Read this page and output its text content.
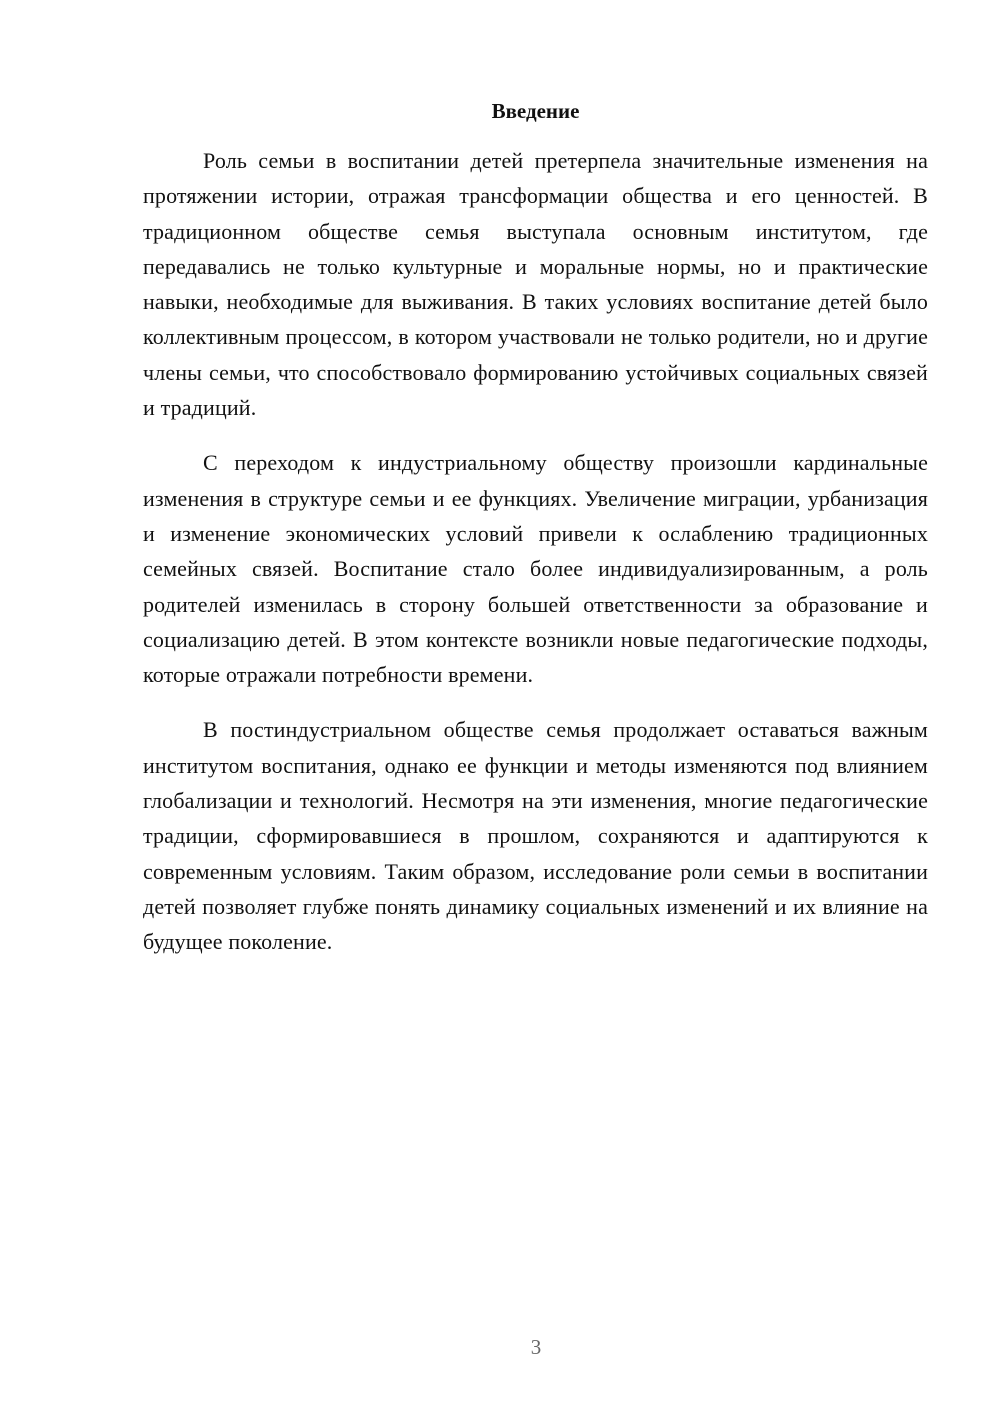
Введение

Роль семьи в воспитании детей претерпела значительные изменения на протяжении истории, отражая трансформации общества и его ценностей. В традиционном обществе семья выступала основным институтом, где передавались не только культурные и моральные нормы, но и практические навыки, необходимые для выживания. В таких условиях воспитание детей было коллективным процессом, в котором участвовали не только родители, но и другие члены семьи, что способствовало формированию устойчивых социальных связей и традиций.

С переходом к индустриальному обществу произошли кардинальные изменения в структуре семьи и ее функциях. Увеличение миграции, урбанизация и изменение экономических условий привели к ослаблению традиционных семейных связей. Воспитание стало более индивидуализированным, а роль родителей изменилась в сторону большей ответственности за образование и социализацию детей. В этом контексте возникли новые педагогические подходы, которые отражали потребности времени.

В постиндустриальном обществе семья продолжает оставаться важным институтом воспитания, однако ее функции и методы изменяются под влиянием глобализации и технологий. Несмотря на эти изменения, многие педагогические традиции, сформировавшиеся в прошлом, сохраняются и адаптируются к современным условиям. Таким образом, исследование роли семьи в воспитании детей позволяет глубже понять динамику социальных изменений и их влияние на будущее поколение.

3
